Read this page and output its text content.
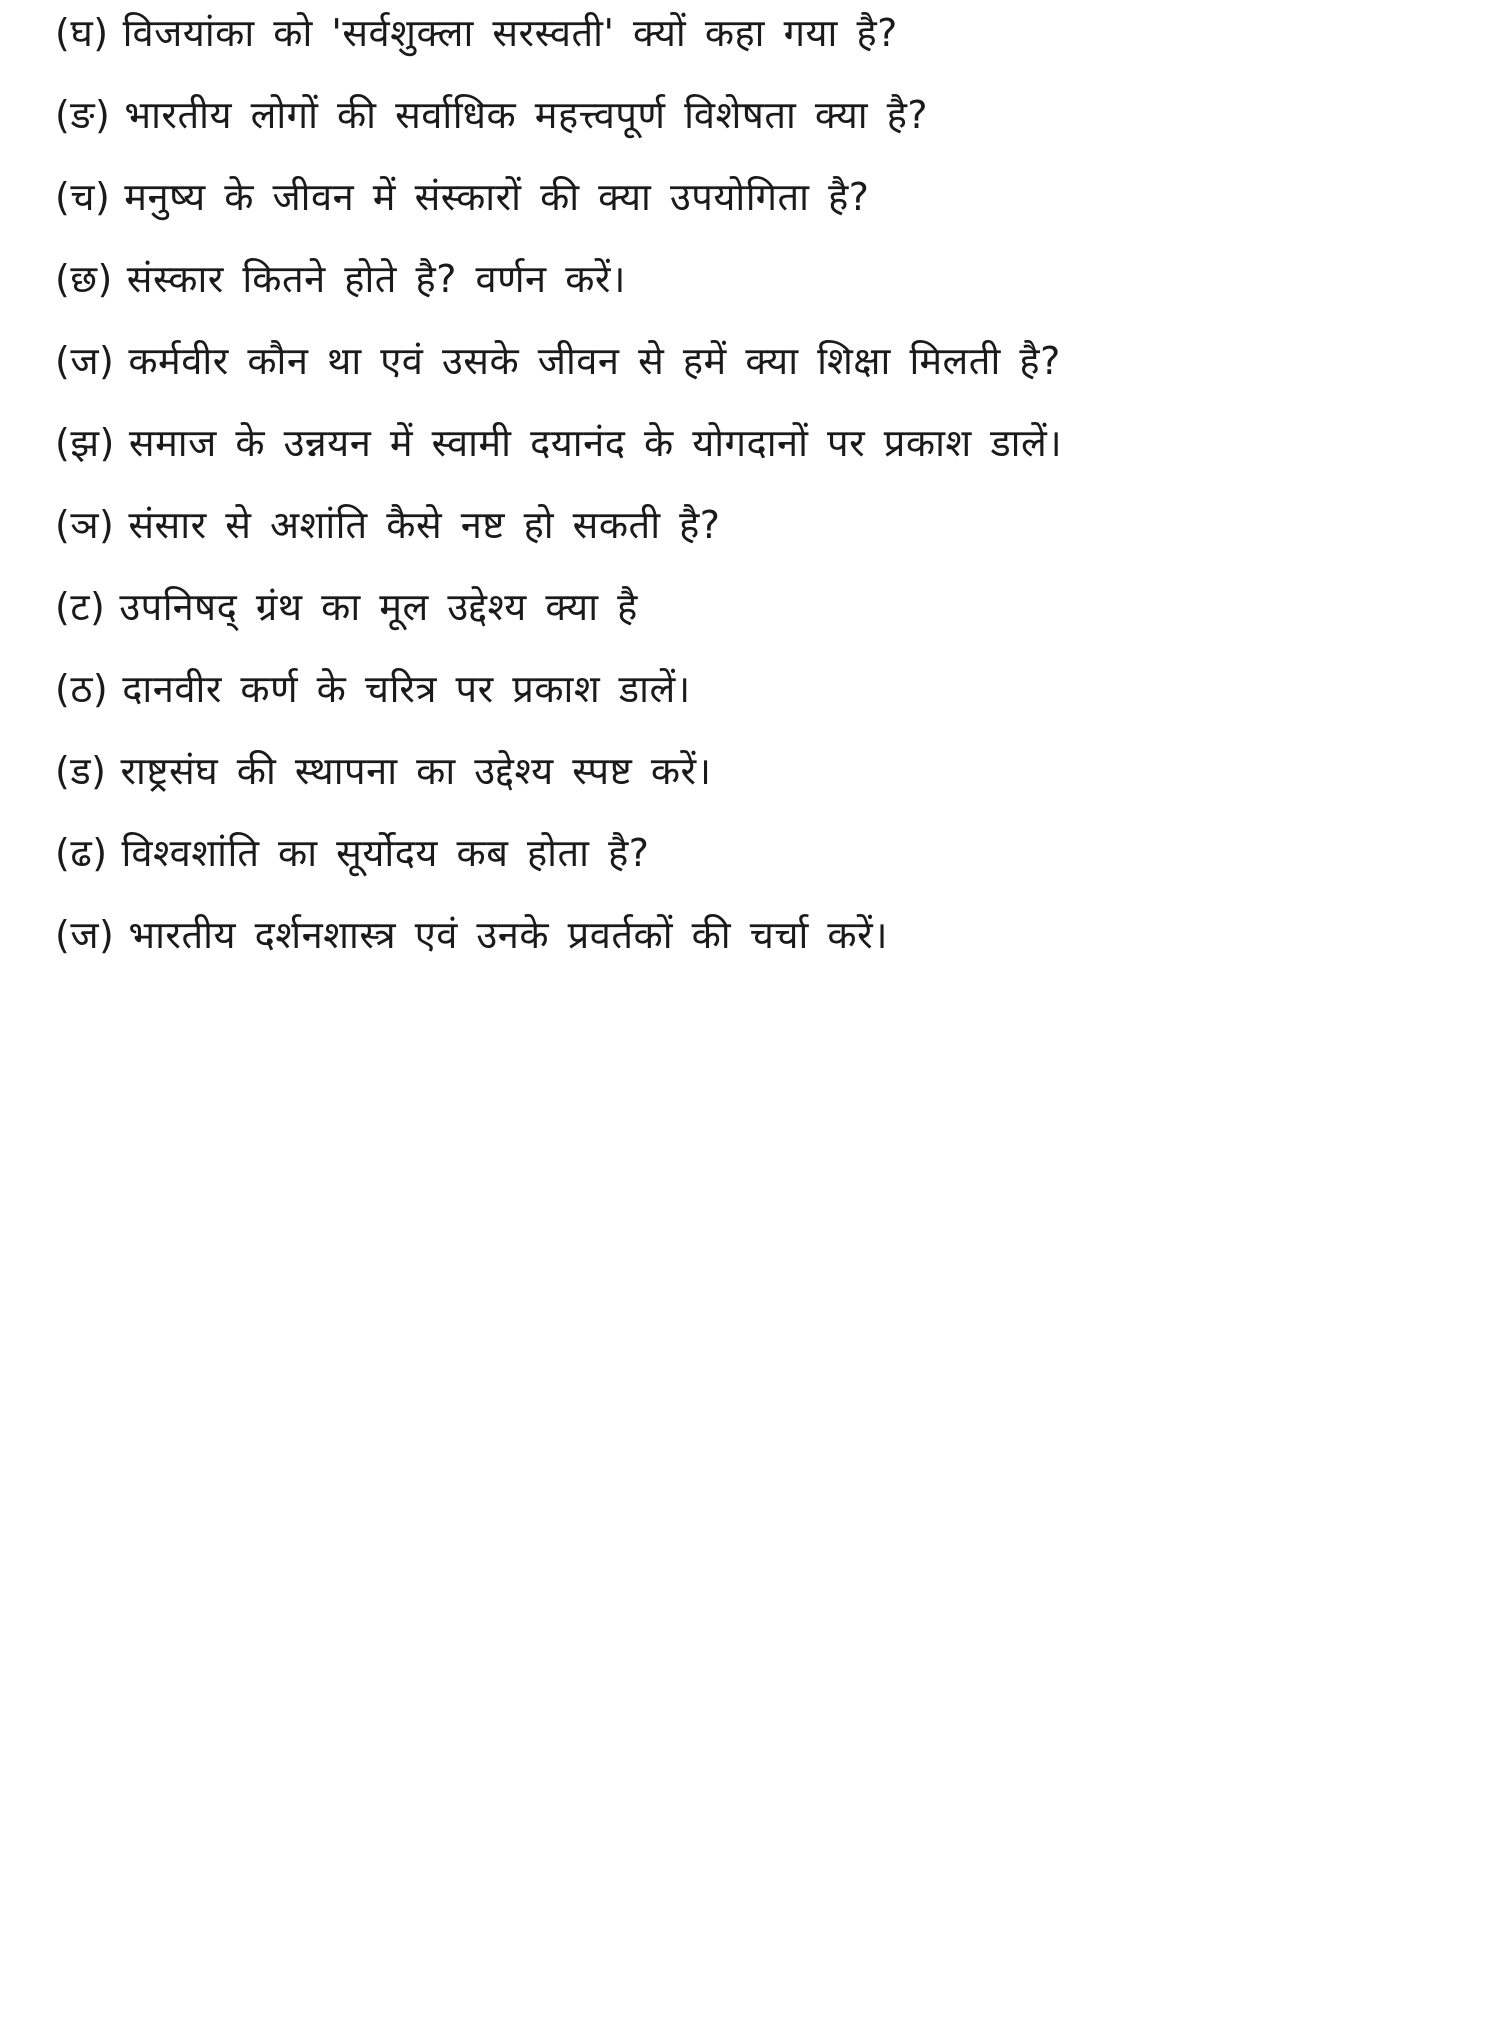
(घ) विजयांका को 'सर्वशुक्ला सरस्वती' क्यों कहा गया है?
(ङ) भारतीय लोगों की सर्वाधिक महत्त्वपूर्ण विशेषता क्या है?
(च) मनुष्य के जीवन में संस्कारों की क्या उपयोगिता है?
(छ) संस्कार कितने होते है? वर्णन करें।
(ज) कर्मवीर कौन था एवं उसके जीवन से हमें क्या शिक्षा मिलती है?
(झ) समाज के उन्नयन में स्वामी दयानंद के योगदानों पर प्रकाश डालें।
(ञ) संसार से अशांति कैसे नष्ट हो सकती है?
(ट) उपनिषद् ग्रंथ का मूल उद्देश्य क्या है
(ठ) दानवीर कर्ण के चरित्र पर प्रकाश डालें।
(ड) राष्ट्रसंघ की स्थापना का उद्देश्य स्पष्ट करें।
(ढ) विश्वशांति का सूर्योदय कब होता है?
(ज) भारतीय दर्शनशास्त्र एवं उनके प्रवर्तकों की चर्चा करें।
